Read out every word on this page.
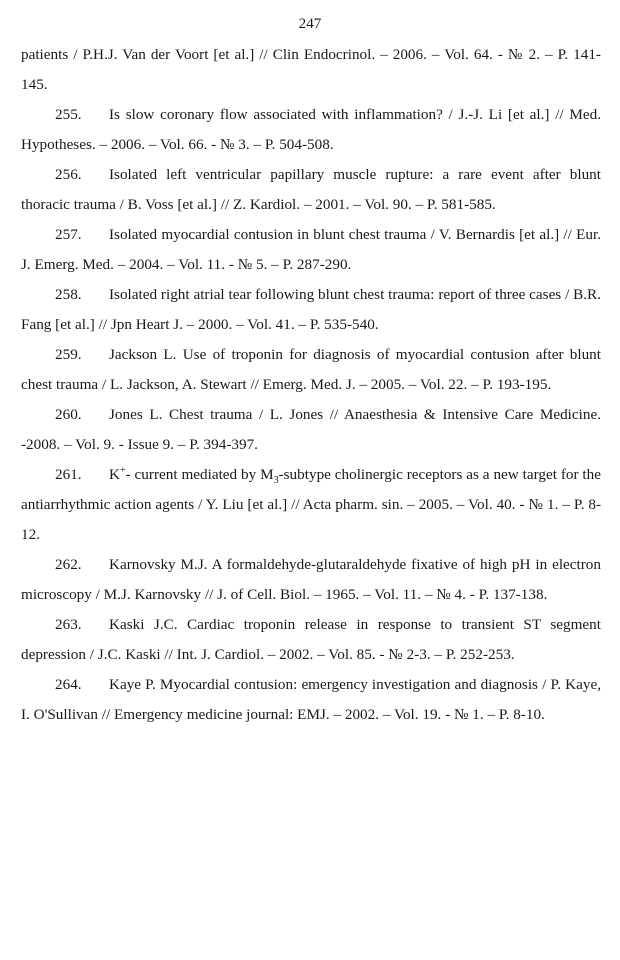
247

patients / P.H.J. Van der Voort [et al.] // Clin Endocrinol. – 2006. – Vol. 64. - № 2. – P. 141-145.

255. Is slow coronary flow associated with inflammation? / J.-J. Li [et al.] // Med. Hypotheses. – 2006. – Vol. 66. - № 3. – P. 504-508.

256. Isolated left ventricular papillary muscle rupture: a rare event after blunt thoracic trauma / B. Voss [et al.] // Z. Kardiol. – 2001. – Vol. 90. – P. 581-585.

257. Isolated myocardial contusion in blunt chest trauma / V. Bernardis [et al.] // Eur. J. Emerg. Med. – 2004. – Vol. 11. - № 5. – P. 287-290.

258. Isolated right atrial tear following blunt chest trauma: report of three cases / B.R. Fang [et al.] // Jpn Heart J. – 2000. – Vol. 41. – P. 535-540.

259. Jackson L. Use of troponin for diagnosis of myocardial contusion after blunt chest trauma / L. Jackson, A. Stewart // Emerg. Med. J. – 2005. – Vol. 22. – P. 193-195.

260. Jones L. Chest trauma / L. Jones // Anaesthesia & Intensive Care Medicine. -2008. – Vol. 9. - Issue 9. – P. 394-397.

261. K+- current mediated by $M_3$-subtype cholinergic receptors as a new target for the antiarrhythmic action agents / Y. Liu [et al.] // Acta pharm. sin. – 2005. – Vol. 40. - № 1. – P. 8-12.

262. Karnovsky M.J. A formaldehyde-glutaraldehyde fixative of high pH in electron microscopy / M.J. Karnovsky // J. of Cell. Biol. – 1965. – Vol. 11. – № 4. - P. 137-138.

263. Kaski J.C. Cardiac troponin release in response to transient ST segment depression / J.C. Kaski // Int. J. Cardiol. – 2002. – Vol. 85. - № 2-3. – P. 252-253.

264. Kaye P. Myocardial contusion: emergency investigation and diagnosis / P. Kaye, I. O'Sullivan // Emergency medicine journal: EMJ. – 2002. – Vol. 19. - № 1. – P. 8-10.
